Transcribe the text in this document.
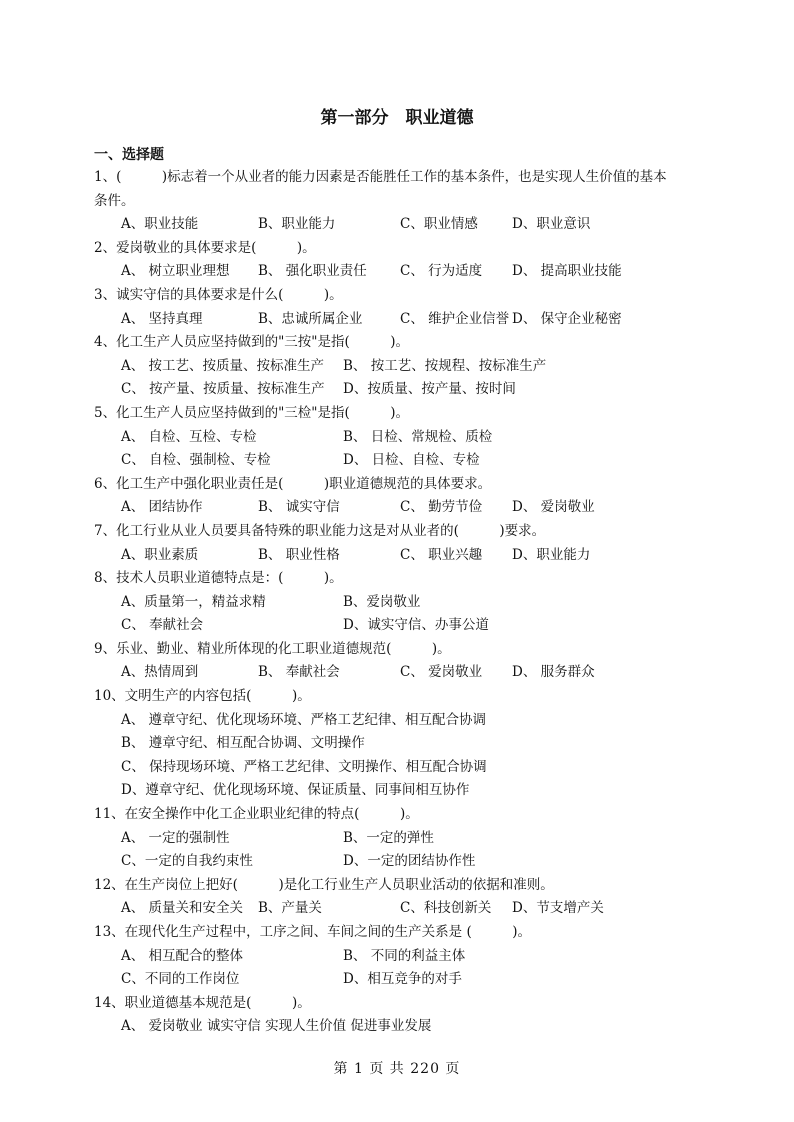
第一部分　职业道德
一、选择题
1、(　　　)标志着一个从业者的能力因素是否能胜任工作的基本条件，也是实现人生价值的基本
条件。
A、职业技能	B、职业能力	C、职业情感	D、职业意识
2、爱岗敬业的具体要求是(　　　)。
A、 树立职业理想	B、 强化职业责任	C、 行为适度	D、 提高职业技能
3、诚实守信的具体要求是什么(　　　)。
A、 坚持真理	B、忠诚所属企业	C、 维护企业信誉 D、 保守企业秘密
4、化工生产人员应坚持做到的"三按"是指(　　　)。
A、 按工艺、按质量、按标准生产	B、 按工艺、按规程、按标准生产
C、 按产量、按质量、按标准生产	D、按质量、按产量、按时间
5、化工生产人员应坚持做到的"三检"是指(　　　)。
A、 自检、互检、专检	B、 日检、常规检、质检
C、 自检、强制检、专检	D、 日检、自检、专检
6、化工生产中强化职业责任是(　　　)职业道德规范的具体要求。
A、 团结协作	B、 诚实守信	C、 勤劳节俭	D、 爱岗敬业
7、化工行业从业人员要具备特殊的职业能力这是对从业者的(　　　)要求。
A、职业素质	B、 职业性格	C、 职业兴趣	D、职业能力
8、技术人员职业道德特点是：(　　　)。
A、质量第一，精益求精	B、爱岗敬业
C、 奉献社会	D、诚实守信、办事公道
9、乐业、勤业、精业所体现的化工职业道德规范(　　　)。
A、热情周到	B、 奉献社会	C、 爱岗敬业	D、 服务群众
10、文明生产的内容包括(　　　)。
A、 遵章守纪、优化现场环境、严格工艺纪律、相互配合协调
B、 遵章守纪、相互配合协调、文明操作
C、 保持现场环境、严格工艺纪律、文明操作、相互配合协调
D、遵章守纪、优化现场环境、保证质量、同事间相互协作
11、在安全操作中化工企业职业纪律的特点(　　　)。
A、 一定的强制性	B、一定的弹性
C、一定的自我约束性	D、一定的团结协作性
12、在生产岗位上把好(　　　)是化工行业生产人员职业活动的依据和准则。
A、 质量关和安全关	B、产量关	C、科技创新关	D、节支增产关
13、在现代化生产过程中，工序之间、车间之间的生产关系是 (　　　)。
A、 相互配合的整体	B、 不同的利益主体
C、不同的工作岗位	D、相互竞争的对手
14、职业道德基本规范是(　　　)。
A、 爱岗敬业 诚实守信 实现人生价值 促进事业发展
第 1 页 共 220 页
